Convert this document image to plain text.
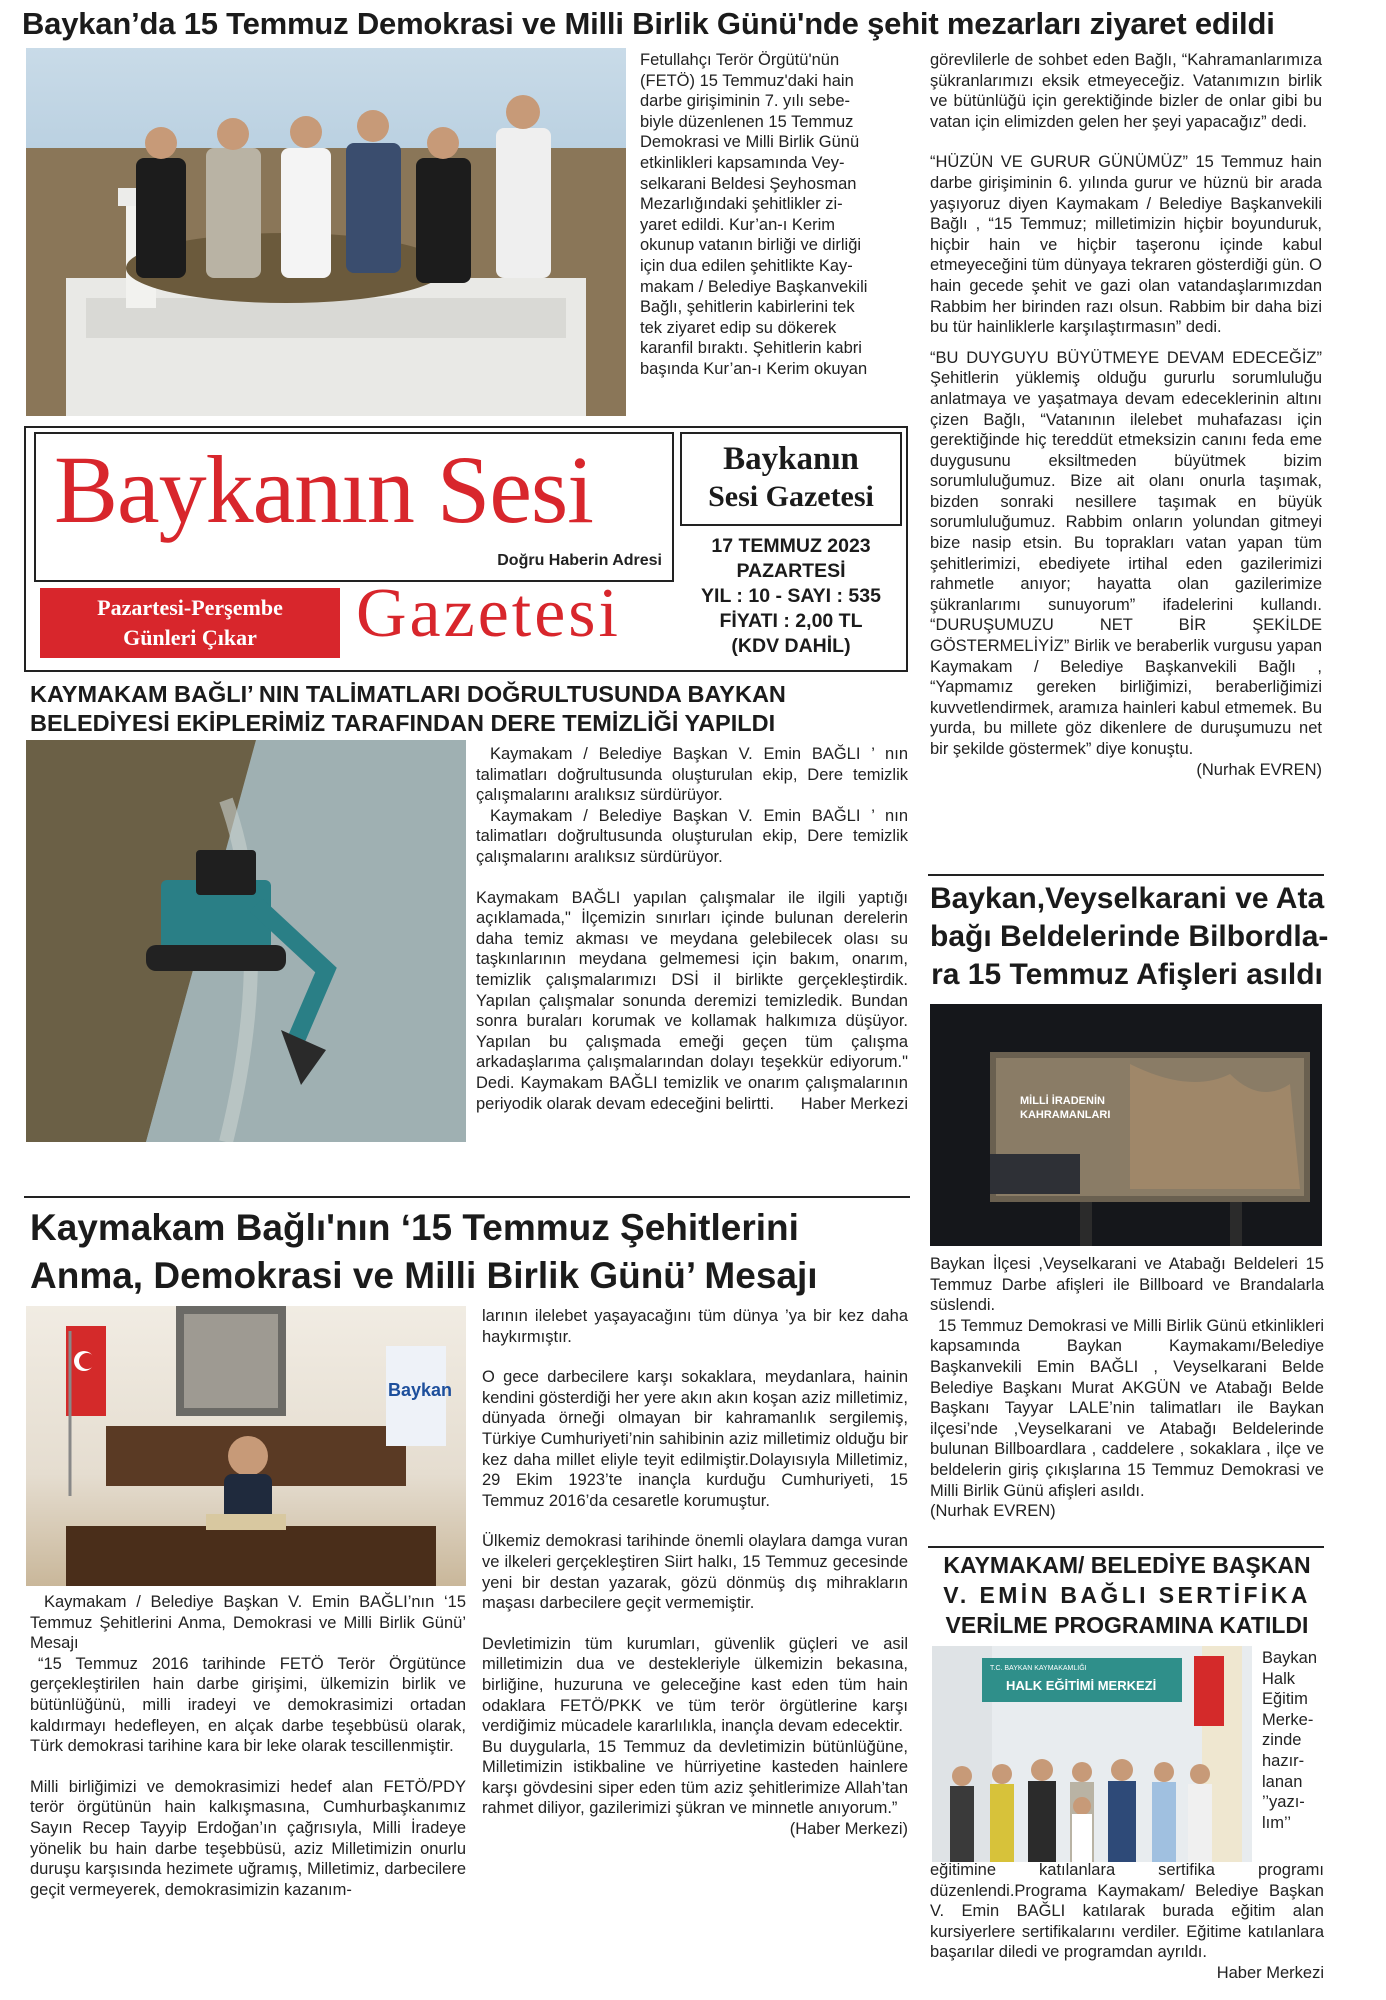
Baykan’da 15 Temmuz Demokrasi ve Milli Birlik Günü'nde şehit mezarları ziyaret edildi
Fetullahçı Terör Örgütü'nün
(FETÖ) 15 Temmuz'daki hain
darbe girişiminin 7. yılı sebe-
biyle düzenlenen 15 Temmuz
Demokrasi ve Milli Birlik Günü
etkinlikleri kapsamında Vey-
selkarani Beldesi Şeyhosman
Mezarlığındaki şehitlikler zi-
yaret edildi. Kur’an-ı Kerim
okunup vatanın birliği ve dirliği
için dua edilen şehitlikte Kay-
makam / Belediye Başkanvekili
Bağlı, şehitlerin kabirlerini tek
tek ziyaret edip su dökerek
karanfil bıraktı. Şehitlerin kabri
başında Kur’an-ı Kerim okuyan
görevlilerle de sohbet eden Bağlı, “Kahramanlarımıza şükranlarımızı eksik etmeyeceğiz. Vatanımızın birlik ve bütünlüğü için gerektiğinde bizler de onlar gibi bu vatan için elimizden gelen her şeyi yapacağız” dedi.
“HÜZÜN VE GURUR GÜNÜMÜZ” 15 Temmuz hain darbe girişiminin 6. yılında gurur ve hüznü bir arada yaşıyoruz diyen Kaymakam / Belediye Başkanvekili Bağlı , “15 Temmuz; milletimizin hiçbir boyunduruk, hiçbir hain ve hiçbir taşeronu içinde kabul etmeyeceğini tüm dünyaya tekraren gösterdiği gün. O hain gecede şehit ve gazi olan vatandaşlarımızdan Rabbim her birinden razı olsun. Rabbim bir daha bizi bu tür hainliklerle karşılaştırmasın” dedi.
“BU DUYGUYU BÜYÜTMEYE DEVAM EDECEĞİZ” Şehitlerin yüklemiş olduğu gururlu sorumluluğu anlatmaya ve yaşatmaya devam edeceklerinin altını çizen Bağlı, “Vatanının ilelebet muhafazası için gerektiğinde hiç tereddüt etmeksizin canını feda eme duygusunu eksiltmeden büyütmek bizim sorumluluğumuz. Bize ait olanı onurla taşımak, bizden sonraki nesillere taşımak en büyük sorumluluğumuz. Rabbim onların yolundan gitmeyi bize nasip etsin. Bu toprakları vatan yapan tüm şehitlerimizi, ebediyete irtihal eden gazilerimizi rahmetle anıyor; hayatta olan gazilerimize şükranlarımı sunuyorum” ifadelerini kullandı. “DURUŞUMUZU NET BİR ŞEKİLDE GÖSTERMELİYİZ” Birlik ve beraberlik vurgusu yapan Kaymakam / Belediye Başkanvekili Bağlı , “Yapmamız gereken birliğimizi, beraberliğimizi kuvvetlendirmek, aramıza hainleri kabul etmemek. Bu yurda, bu millete göz dikenlere de duruşumuzu net bir şekilde göstermek” diye konuştu.
(Nurhak EVREN)
Baykanın Sesi
Doğru Haberin Adresi
Baykanın
Sesi Gazetesi
17 TEMMUZ 2023
PAZARTESİ
YIL : 10 - SAYI : 535
FİYATI : 2,00 TL
(KDV DAHİL)
Pazartesi-Perşembe
Günleri Çıkar	Gazetesi
KAYMAKAM BAĞLI’ NIN TALİMATLARI DOĞRULTUSUNDA BAYKAN
BELEDİYESİ EKİPLERİMİZ TARAFINDAN DERE TEMİZLİĞİ YAPILDI
Kaymakam / Belediye Başkan V. Emin BAĞLI ’ nın talimatları doğrultusunda oluşturulan ekip, Dere temizlik çalışmalarını aralıksız sürdürüyor.
Kaymakam / Belediye Başkan V. Emin BAĞLI ’ nın talimatları doğrultusunda oluşturulan ekip, Dere temizlik çalışmalarını aralıksız sürdürüyor.
Kaymakam BAĞLI yapılan çalışmalar ile ilgili yaptığı açıklamada," İlçemizin sınırları içinde bulunan derelerin daha temiz akması ve meydana gelebilecek olası su taşkınlarının meydana gelmemesi için bakım, onarım, temizlik çalışmalarımızı DSİ il birlikte gerçekleştirdik. Yapılan çalışmalar sonunda deremizi temizledik. Bundan sonra buraları korumak ve kollamak halkımıza düşüyor. Yapılan bu çalışmada emeği geçen tüm çalışma arkadaşlarıma çalışmalarından dolayı teşekkür ediyorum." Dedi. Kaymakam BAĞLI temizlik ve onarım çalışmalarının periyodik olarak devam edeceğini belirtti.	Haber Merkezi
Baykan,Veyselkarani ve Ata
bağı Beldelerinde Bilbordla-
ra 15 Temmuz Afişleri asıldı
MİLLİ İRADENİN
KAHRAMANLARI
Baykan İlçesi ,Veyselkarani ve Atabağı Beldeleri 15 Temmuz Darbe afişleri ile Billboard ve Brandalarla süslendi.
15 Temmuz Demokrasi ve Milli Birlik Günü etkinlikleri kapsamında Baykan Kaymakamı/Belediye Başkanvekili Emin BAĞLI , Veyselkarani Belde Belediye Başkanı Murat AKGÜN ve Atabağı Belde Başkanı Tayyar LALE’nin talimatları ile Baykan ilçesi’nde ,Veyselkarani ve Atabağı Beldelerinde bulunan Billboardlara , caddelere , sokaklara , ilçe ve beldelerin giriş çıkışlarına 15 Temmuz Demokrasi ve Milli Birlik Günü afişleri asıldı.
(Nurhak EVREN)
Kaymakam Bağlı'nın ‘15 Temmuz Şehitlerini
Anma, Demokrasi ve Milli Birlik Günü’ Mesajı
Baykan
Kaymakam / Belediye Başkan V. Emin BAĞLI’nın ‘15 Temmuz Şehitlerini Anma, Demokrasi ve Milli Birlik Günü’ Mesajı
“15 Temmuz 2016 tarihinde FETÖ Terör Örgütünce gerçekleştirilen hain darbe girişimi, ülkemizin birlik ve bütünlüğünü, milli iradeyi ve demokrasimizi ortadan kaldırmayı hedefleyen, en alçak darbe teşebbüsü olarak, Türk demokrasi tarihine kara bir leke olarak tescillenmiştir.
Milli birliğimizi ve demokrasimizi hedef alan FETÖ/PDY terör örgütünün hain kalkışmasına, Cumhurbaşkanımız Sayın Recep Tayyip Erdoğan’ın çağrısıyla, Milli İradeye yönelik bu hain darbe teşebbüsü, aziz Milletimizin onurlu duruşu karşısında hezimete uğramış, Milletimiz, darbecilere geçit vermeyerek, demokrasimizin kazanım-
larının ilelebet yaşayacağını tüm dünya ’ya bir kez daha haykırmıştır.
O gece darbecilere karşı sokaklara, meydanlara, hainin kendini gösterdiği her yere akın akın koşan aziz milletimiz, dünyada örneği olmayan bir kahramanlık sergilemiş, Türkiye Cumhuriyeti’nin sahibinin aziz milletimiz olduğu bir kez daha millet eliyle teyit edilmiştir.Dolayısıyla Milletimiz, 29 Ekim 1923’te inançla kurduğu Cumhuriyeti, 15 Temmuz 2016’da cesaretle korumuştur.
Ülkemiz demokrasi tarihinde önemli olaylara damga vuran ve ilkeleri gerçekleştiren Siirt halkı, 15 Temmuz gecesinde yeni bir destan yazarak, gözü dönmüş dış mihrakların maşası darbecilere geçit vermemiştir.
Devletimizin tüm kurumları, güvenlik güçleri ve asil milletimizin dua ve destekleriyle ülkemizin bekasına, birliğine, huzuruna ve geleceğine kast eden tüm hain odaklara FETÖ/PKK ve tüm terör örgütlerine karşı verdiğimiz mücadele kararlılıkla, inançla devam edecektir.
Bu duygularla, 15 Temmuz da devletimizin bütünlüğüne, Milletimizin istikbaline ve hürriyetine kasteden hainlere karşı gövdesini siper eden tüm aziz şehitlerimize Allah’tan rahmet diliyor, gazilerimizi şükran ve minnetle anıyorum.”
(Haber Merkezi)
KAYMAKAM/ BELEDİYE BAŞKAN
V. EMİN BAĞLI SERTİFİKA
VERİLME PROGRAMINA KATILDI
T.C. BAYKAN KAYMAKAMLIĞI
HALK EĞİTİMİ MERKEZİ
Baykan
Halk
Eğitim
Merke-
zinde
hazır-
lanan
’’yazı-
lım’’
eğitimine katılanlara sertifika programı düzenlendi.Programa Kaymakam/ Belediye Başkan V. Emin BAĞLI katılarak burada eğitim alan kursiyerlere sertifikalarını verdiler. Eğitime katılanlara başarılar diledi ve programdan ayrıldı.
Haber Merkezi
